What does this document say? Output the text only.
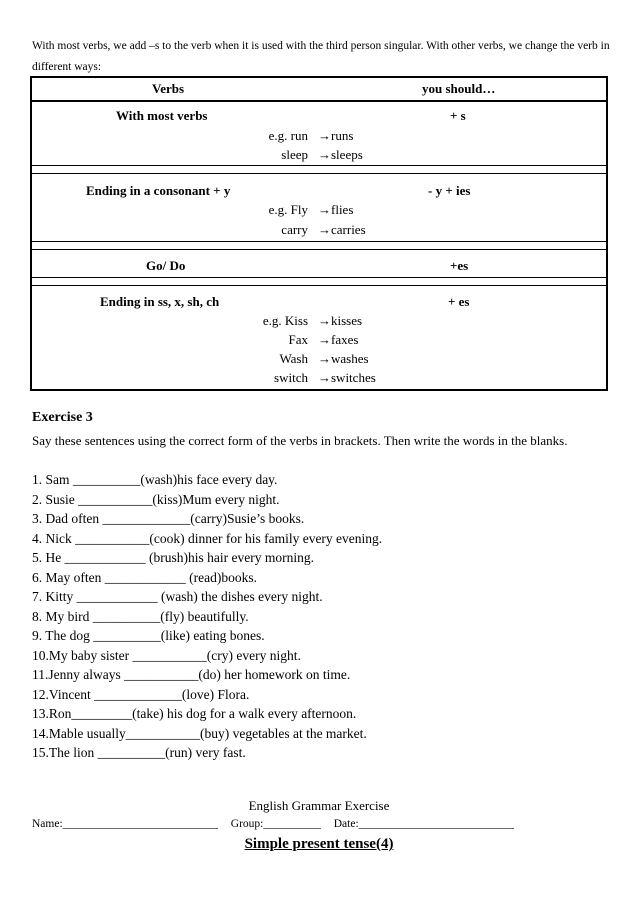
With most verbs, we add –s to the verb when it is used with the third person singular. With other verbs, we change the verb in different ways:
Verbs	you should…
With most verbs	+ s
e.g. run →runs
sleep →sleeps
Ending in a consonant + y	- y + ies
e.g. Fly →flies
carry →carries
Go/ Do	+es
Ending in ss, x, sh, ch	+ es
e.g. Kiss →kisses
Fax →faxes
Wash →washes
switch →switches
Exercise 3
Say these sentences using the correct form of the verbs in brackets. Then write the words in the blanks.
1. Sam __________(wash)his face every day.
2. Susie ___________(kiss)Mum every night.
3. Dad often _____________(carry)Susie’s books.
4. Nick ___________(cook) dinner for his family every evening.
5. He ____________ (brush)his hair every morning.
6. May often ____________ (read)books.
7. Kitty ____________ (wash) the dishes every night.
8. My bird __________(fly) beautifully.
9. The dog __________(like) eating bones.
10.My baby sister ___________(cry) every night.
11.Jenny always ___________(do) her homework on time.
12.Vincent _____________(love) Flora.
13.Ron_________(take) his dog for a walk every afternoon.
14.Mable usually___________(buy) vegetables at the market.
15.The lion __________(run) very fast.
English Grammar Exercise
Name:___________________________ Group:__________ Date:___________________________
Simple present tense(4)
